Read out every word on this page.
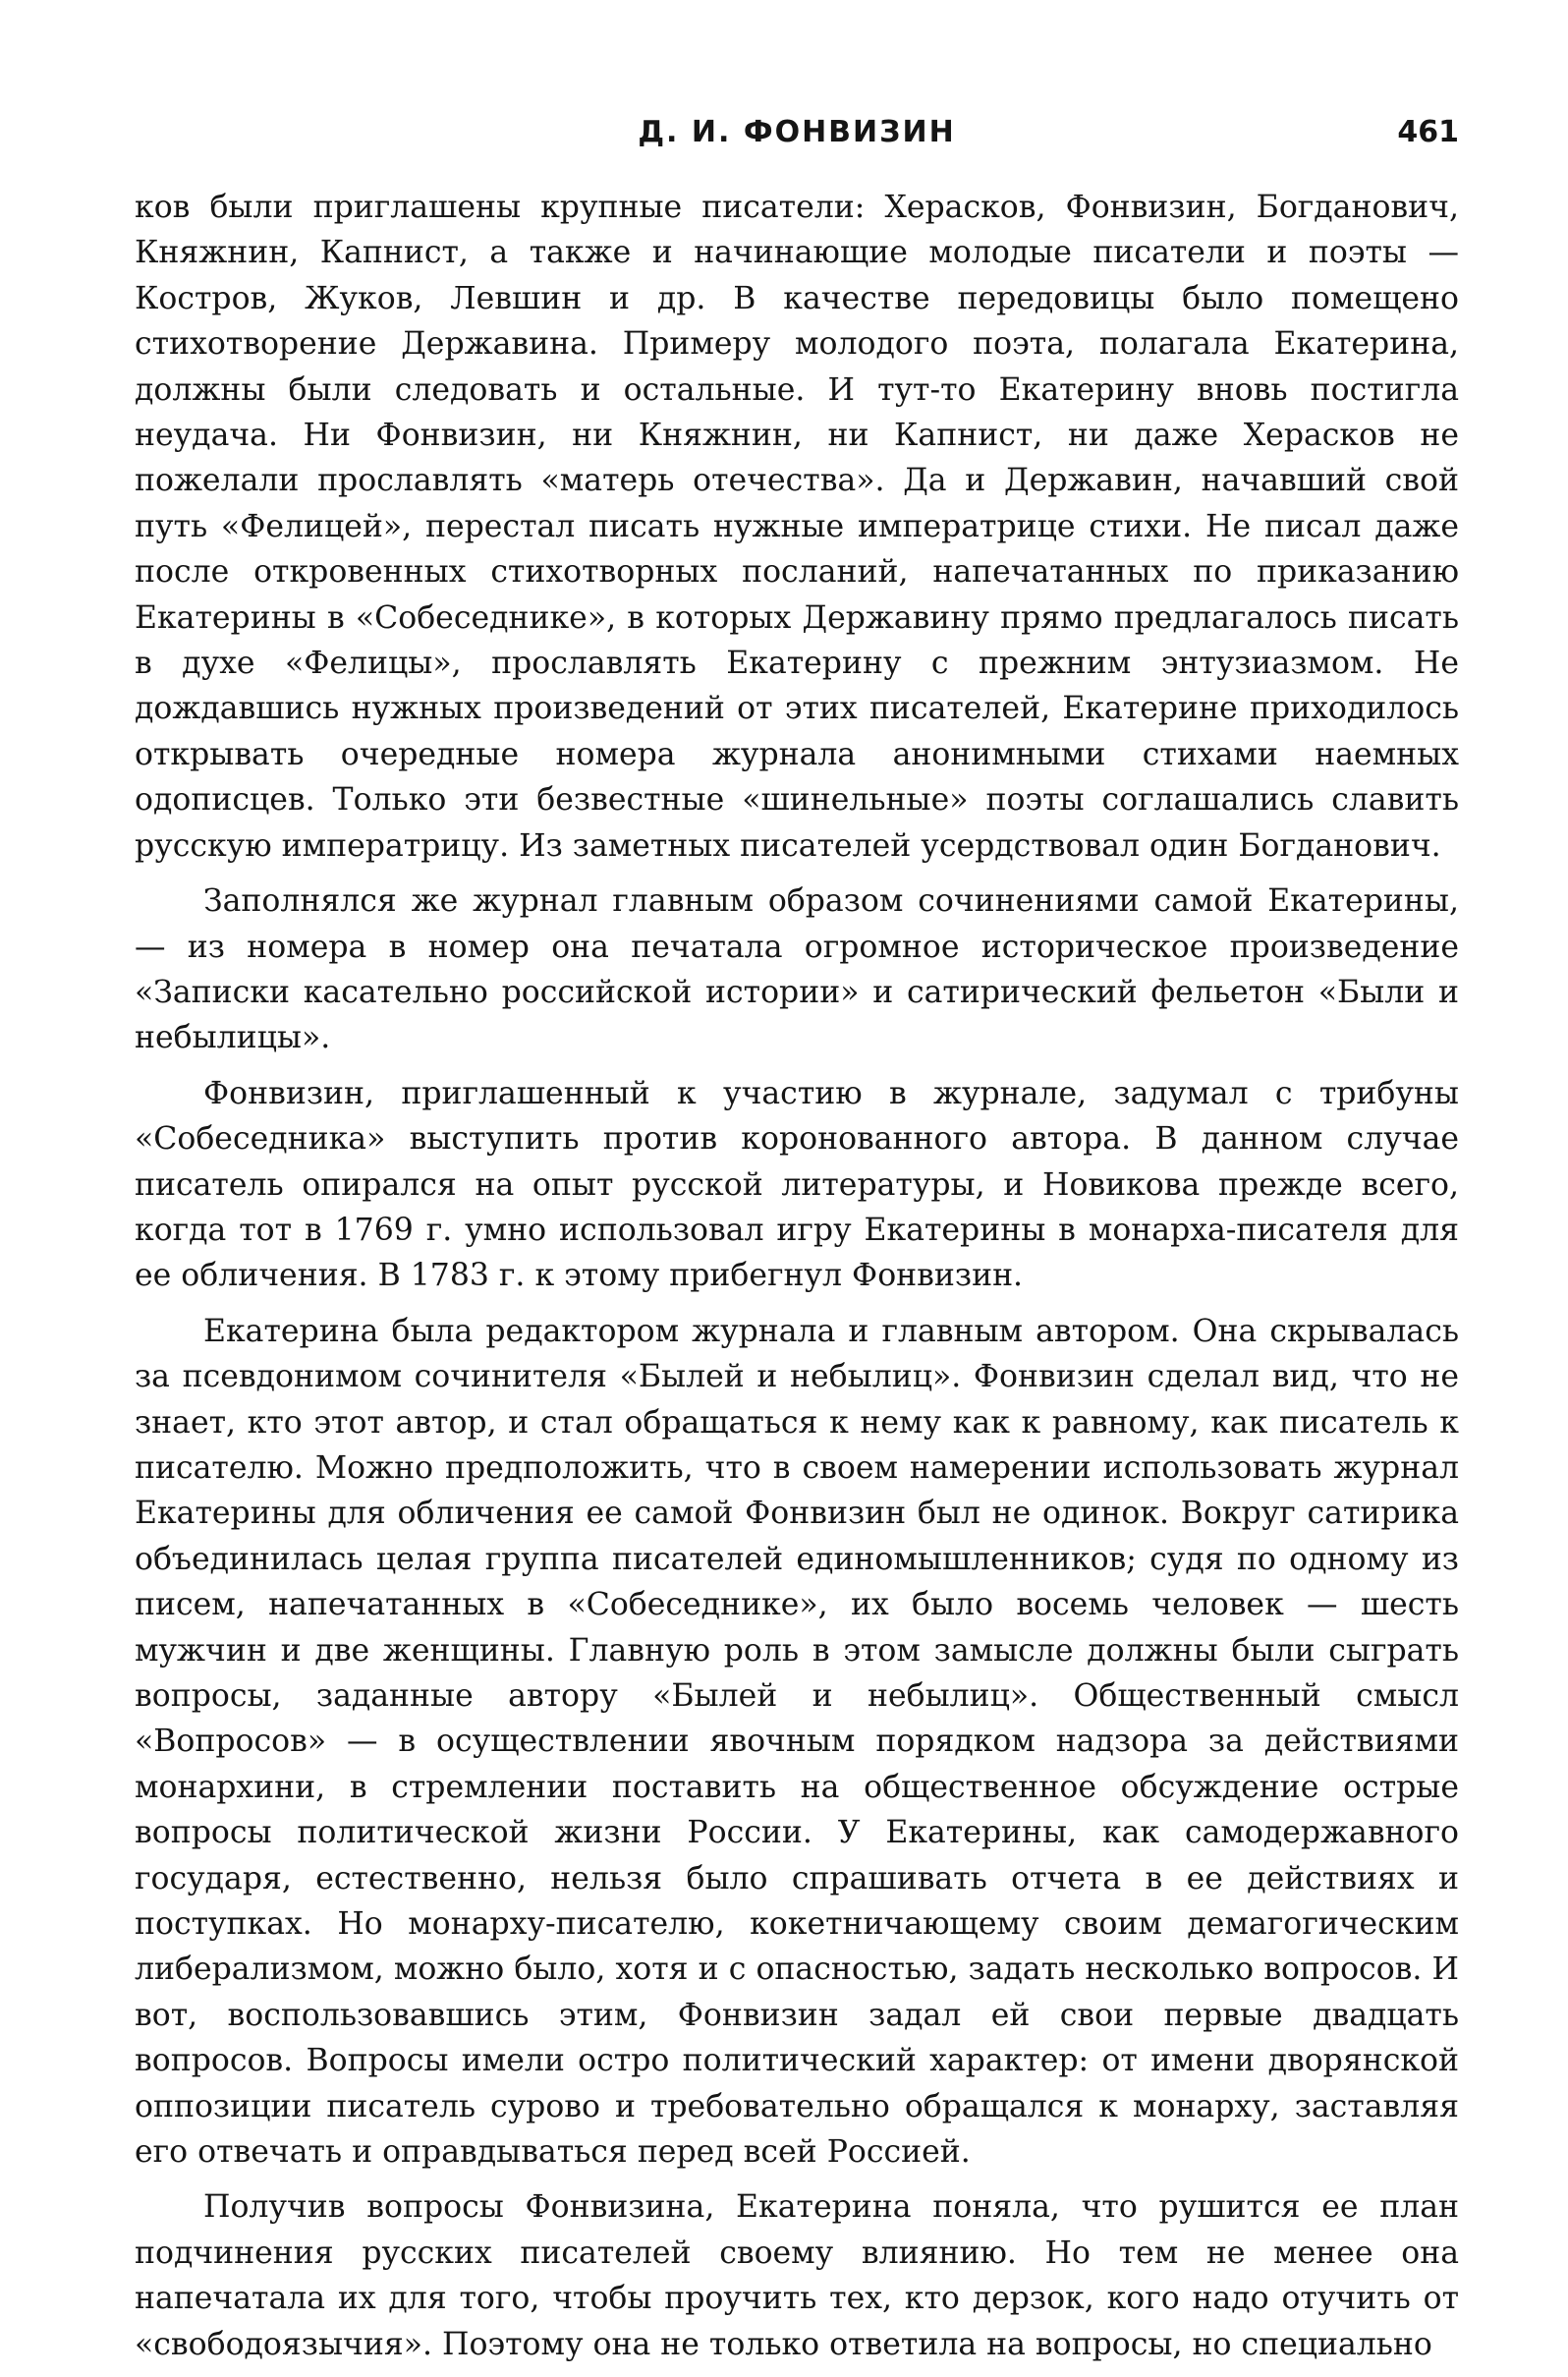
Д. И. ФОНВИЗИН	461

ков были приглашены крупные писатели: Херасков, Фонвизин, Богданович, Княжнин, Капнист, а также и начинающие молодые писатели и поэты — Костров, Жуков, Левшин и др. В качестве передовицы было помещено стихотворение Державина. Примеру молодого поэта, полагала Екатерина, должны были следовать и остальные. И тут-то Екатерину вновь постигла неудача. Ни Фонвизин, ни Княжнин, ни Капнист, ни даже Херасков не пожелали прославлять «матерь отечества». Да и Державин, начавший свой путь «Фелицей», перестал писать нужные императрице стихи. Не писал даже после откровенных стихотворных посланий, напечатанных по приказанию Екатерины в «Собеседнике», в которых Державину прямо предлагалось писать в духе «Фелицы», прославлять Екатерину с прежним энтузиазмом. Не дождавшись нужных произведений от этих писателей, Екатерине приходилось открывать очередные номера журнала анонимными стихами наемных одописцев. Только эти безвестные «шинельные» поэты соглашались славить русскую императрицу. Из заметных писателей усердствовал один Богданович.

Заполнялся же журнал главным образом сочинениями самой Екатерины, — из номера в номер она печатала огромное историческое произведение «Записки касательно российской истории» и сатирический фельетон «Были и небылицы».

Фонвизин, приглашенный к участию в журнале, задумал с трибуны «Собеседника» выступить против коронованного автора. В данном случае писатель опирался на опыт русской литературы, и Новикова прежде всего, когда тот в 1769 г. умно использовал игру Екатерины в монарха-писателя для ее обличения. В 1783 г. к этому прибегнул Фонвизин.

Екатерина была редактором журнала и главным автором. Она скрывалась за псевдонимом сочинителя «Былей и небылиц». Фонвизин сделал вид, что не знает, кто этот автор, и стал обращаться к нему как к равному, как писатель к писателю. Можно предположить, что в своем намерении использовать журнал Екатерины для обличения ее самой Фонвизин был не одинок. Вокруг сатирика объединилась целая группа писателей единомышленников; судя по одному из писем, напечатанных в «Собеседнике», их было восемь человек — шесть мужчин и две женщины. Главную роль в этом замысле должны были сыграть вопросы, заданные автору «Былей и небылиц». Общественный смысл «Вопросов» — в осуществлении явочным порядком надзора за действиями монархини, в стремлении поставить на общественное обсуждение острые вопросы политической жизни России. У Екатерины, как самодержавного государя, естественно, нельзя было спрашивать отчета в ее действиях и поступках. Но монарху-писателю, кокетничающему своим демагогическим либерализмом, можно было, хотя и с опасностью, задать несколько вопросов. И вот, воспользовавшись этим, Фонвизин задал ей свои первые двадцать вопросов. Вопросы имели остро политический характер: от имени дворянской оппозиции писатель сурово и требовательно обращался к монарху, заставляя его отвечать и оправдываться перед всей Россией.

Получив вопросы Фонвизина, Екатерина поняла, что рушится ее план подчинения русских писателей своему влиянию. Но тем не менее она напечатала их для того, чтобы проучить тех, кто дерзок, кого надо отучить от «свободоязычия». Поэтому она не только ответила на вопросы, но специально
